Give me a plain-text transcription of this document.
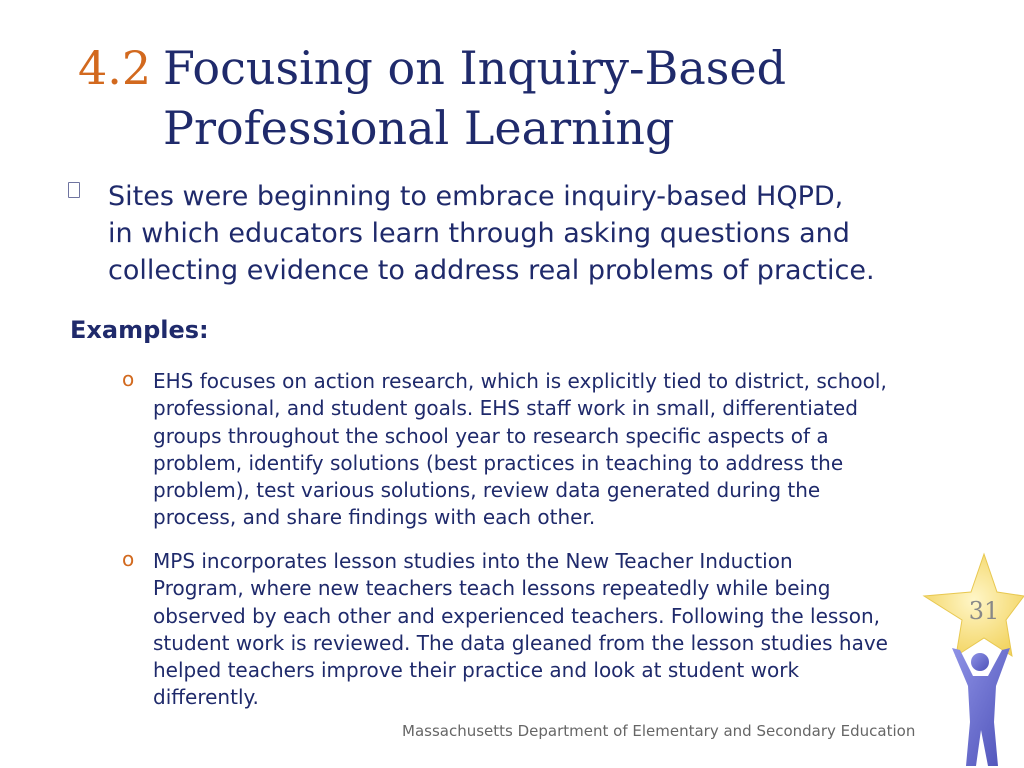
4.2 Focusing on Inquiry-Based
Professional Learning
Sites were beginning to embrace inquiry-based HQPD,
in which educators learn through asking questions and
collecting evidence to address real problems of practice.
Examples:
o EHS focuses on action research, which is explicitly tied to district, school,
professional, and student goals. EHS staff work in small, differentiated
groups throughout the school year to research specific aspects of a
problem, identify solutions (best practices in teaching to address the
problem), test various solutions, review data generated during the
process, and share findings with each other.
o MPS incorporates lesson studies into the New Teacher Induction
Program, where new teachers teach lessons repeatedly while being
observed by each other and experienced teachers. Following the lesson,
student work is reviewed. The data gleaned from the lesson studies have
helped teachers improve their practice and look at student work
differently.
Massachusetts Department of Elementary and Secondary Education
31
